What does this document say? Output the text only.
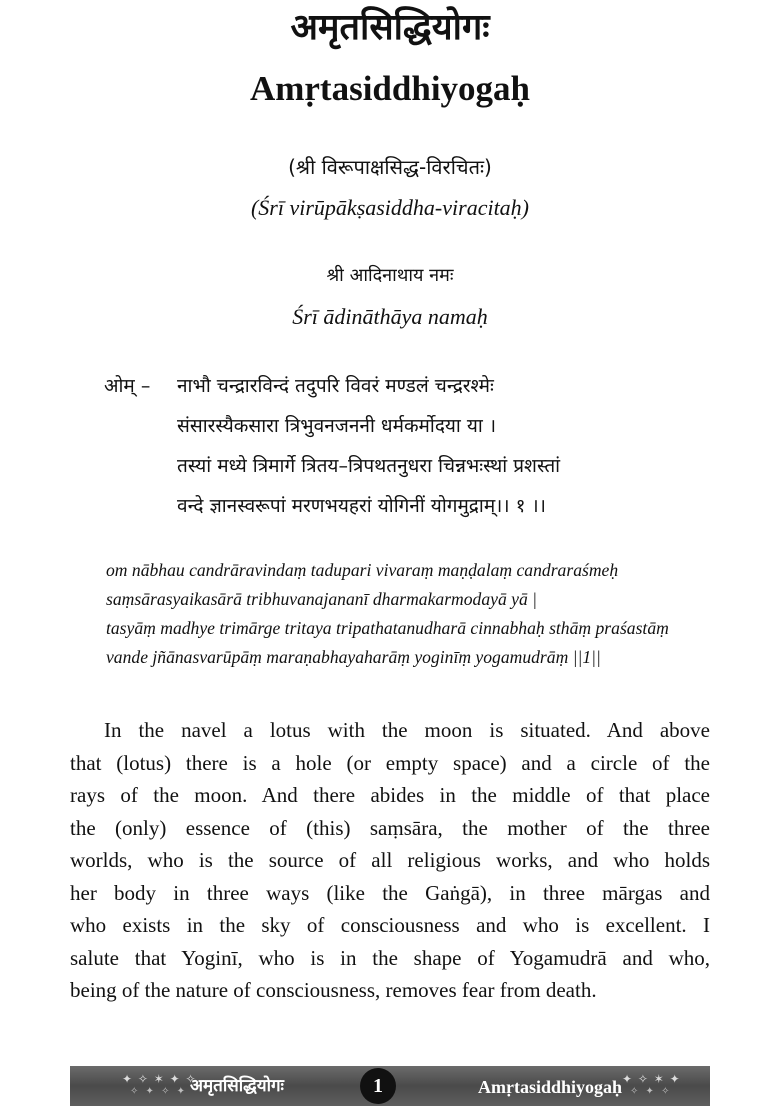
अमृतसिद्धियोगः
Amṛtasiddhiyogaḥ
(श्री विरूपाक्षसिद्ध-विरचितः)
(Śrī virūpākṣasiddha-viracitaḥ)
श्री आदिनाथाय नमः
Śrī ādināthāya namaḥ
ओम् –	नाभौ चन्द्रारविन्दं तदुपरि विवरं मण्डलं चन्द्ररश्मेः
संसारस्यैकसारा त्रिभुवनजननी धर्मकर्मोदया या ।
तस्यां मध्ये त्रिमार्गे त्रितय–त्रिपथतनुधरा चिन्नभःस्थां प्रशस्तां
वन्दे ज्ञानस्वरूपां मरणभयहरां योगिनीं योगमुद्राम्।। १ ।।
om nābhau candrāravindaṃ tadupari vivaraṃ maṇḍalaṃ candraraśmeḥ
saṃsārasyaikasārā tribhuvanajananī dharmakarmodayā yā |
tasyāṃ madhye trimārge tritaya tripathatanudharā cinnabhaḥ sthāṃ praśastāṃ
vande jñānasvarūpāṃ maraṇabhayaharāṃ yoginīṃ yogamudrāṃ ||1||
In the navel a lotus with the moon is situated. And above
that (lotus) there is a hole (or empty space) and a circle of the
rays of the moon. And there abides in the middle of that place
the (only) essence of (this) saṃsāra, the mother of the three
worlds, who is the source of all religious works, and who holds
her body in three ways (like the Gaṅgā), in three mārgas and
who exists in the sky of consciousness and who is excellent. I
salute that Yoginī, who is in the shape of Yogamudrā and who,
being of the nature of consciousness, removes fear from death.
✦ ✧ ✶ ✦ ✧
✧ ✦ ✧ ✦ अमृतसिद्धियोगः	1	Amṛtasiddhiyogaḥ ✦ ✧ ✶ ✦
✧ ✦ ✧
